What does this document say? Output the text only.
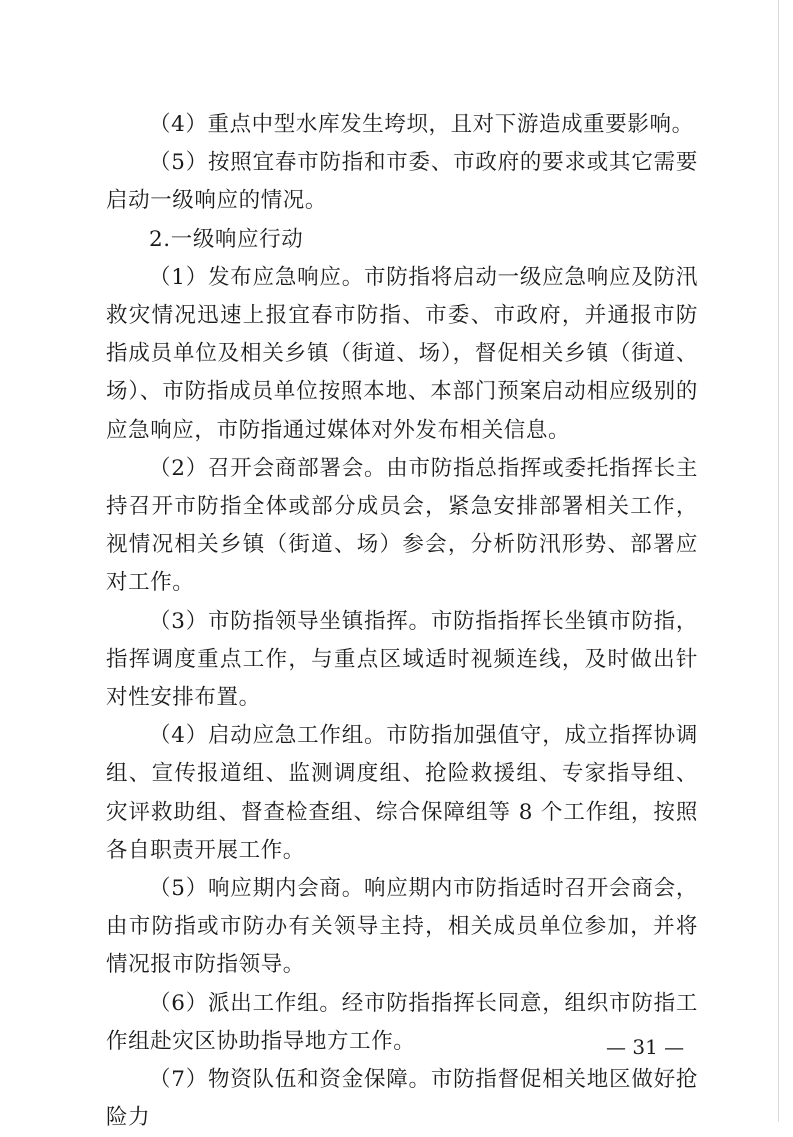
（4）重点中型水库发生垮坝，且对下游造成重要影响。

（5）按照宜春市防指和市委、市政府的要求或其它需要启动一级响应的情况。

2.一级响应行动

（1）发布应急响应。市防指将启动一级应急响应及防汛救灾情况迅速上报宜春市防指、市委、市政府，并通报市防指成员单位及相关乡镇（街道、场），督促相关乡镇（街道、场）、市防指成员单位按照本地、本部门预案启动相应级别的应急响应，市防指通过媒体对外发布相关信息。

（2）召开会商部署会。由市防指总指挥或委托指挥长主持召开市防指全体或部分成员会，紧急安排部署相关工作，视情况相关乡镇（街道、场）参会，分析防汛形势、部署应对工作。

（3）市防指领导坐镇指挥。市防指指挥长坐镇市防指，指挥调度重点工作，与重点区域适时视频连线，及时做出针对性安排布置。

（4）启动应急工作组。市防指加强值守，成立指挥协调组、宣传报道组、监测调度组、抢险救援组、专家指导组、灾评救助组、督查检查组、综合保障组等 8 个工作组，按照各自职责开展工作。

（5）响应期内会商。响应期内市防指适时召开会商会，由市防指或市防办有关领导主持，相关成员单位参加，并将情况报市防指领导。

（6）派出工作组。经市防指指挥长同意，组织市防指工作组赴灾区协助指导地方工作。

（7）物资队伍和资金保障。市防指督促相关地区做好抢险力

— 31 —
